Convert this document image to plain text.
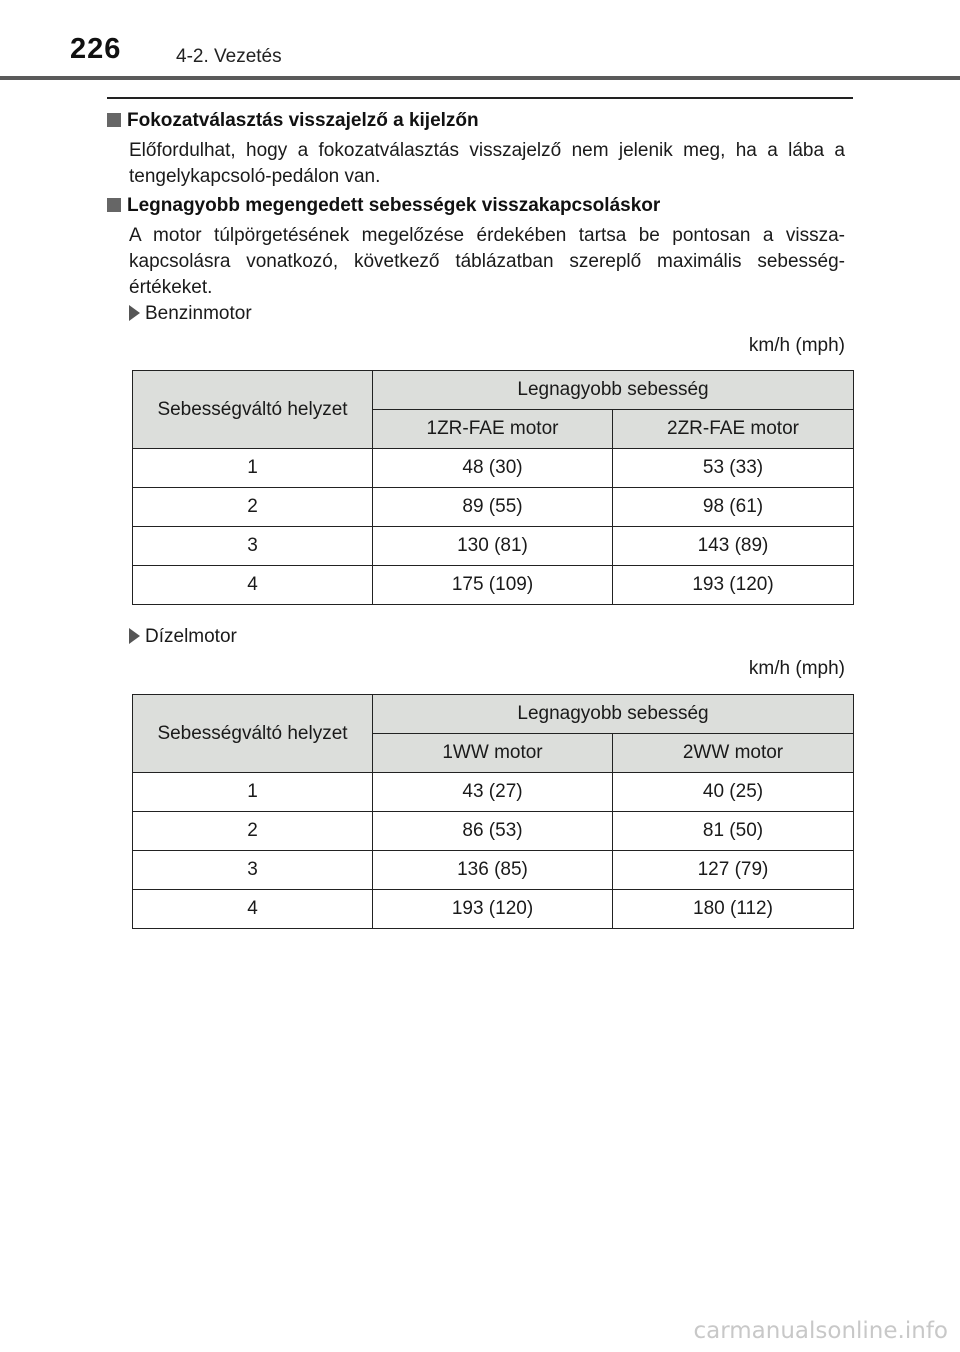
226	4-2. Vezetés
Fokozatválasztás visszajelző a kijelzőn
Előfordulhat, hogy a fokozatválasztás visszajelző nem jelenik meg, ha a lába a tengelykapcsoló-pedálon van.
Legnagyobb megengedett sebességek visszakapcsoláskor
A motor túlpörgetésének megelőzése érdekében tartsa be pontosan a vissza-kapcsolásra vonatkozó, következő táblázatban szereplő maximális sebesség-értékeket.
Benzinmotor
km/h (mph)
Sebességváltó helyzet	Legnagyobb sebesség	
	1ZR-FAE motor	2ZR-FAE motor
1	48 (30)	53 (33)
2	89 (55)	98 (61)
3	130 (81)	143 (89)
4	175 (109)	193 (120)
Dízelmotor
km/h (mph)
Sebességváltó helyzet	Legnagyobb sebesség	
	1WW motor	2WW motor
1	43 (27)	40 (25)
2	86 (53)	81 (50)
3	136 (85)	127 (79)
4	193 (120)	180 (112)
carmanualsonline.info
